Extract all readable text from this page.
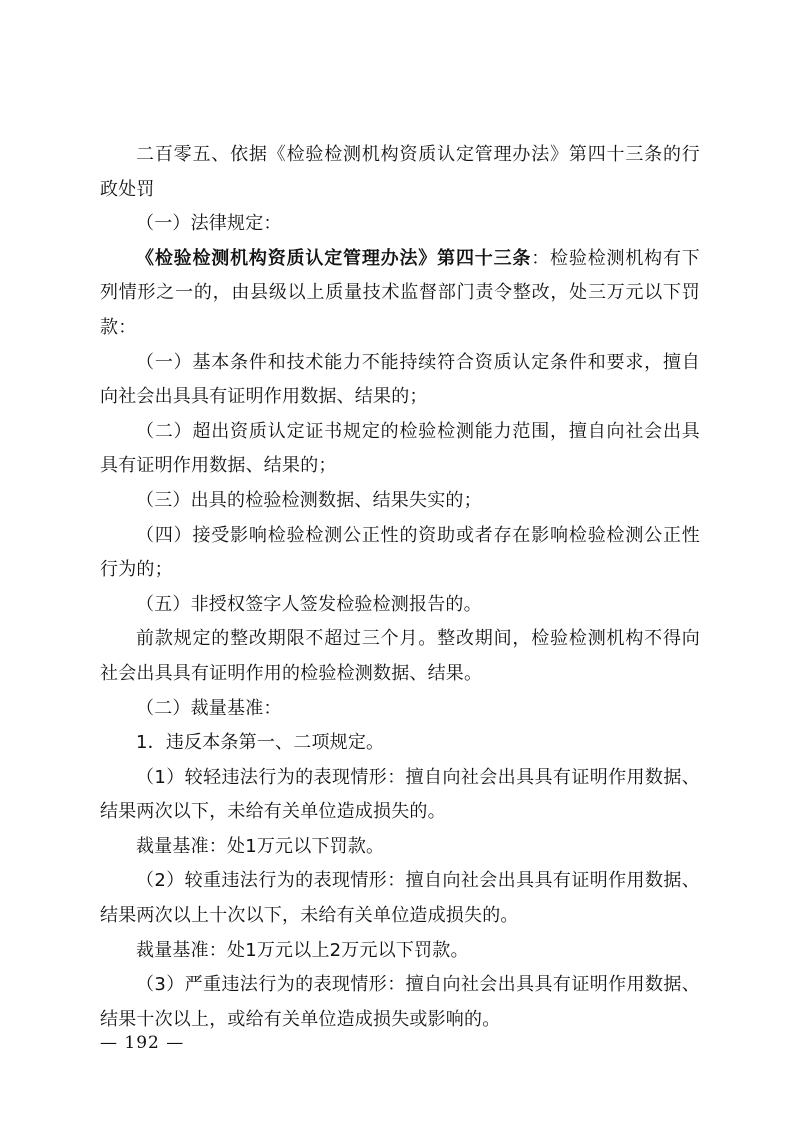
二百零五、依据《检验检测机构资质认定管理办法》第四十三条的行政处罚

（一）法律规定：

《检验检测机构资质认定管理办法》第四十三条：检验检测机构有下列情形之一的，由县级以上质量技术监督部门责令整改，处三万元以下罚款：

（一）基本条件和技术能力不能持续符合资质认定条件和要求，擅自向社会出具具有证明作用数据、结果的；

（二）超出资质认定证书规定的检验检测能力范围，擅自向社会出具具有证明作用数据、结果的；

（三）出具的检验检测数据、结果失实的；

（四）接受影响检验检测公正性的资助或者存在影响检验检测公正性行为的；

（五）非授权签字人签发检验检测报告的。

前款规定的整改期限不超过三个月。整改期间，检验检测机构不得向社会出具具有证明作用的检验检测数据、结果。

（二）裁量基准：

1．违反本条第一、二项规定。

（1）较轻违法行为的表现情形：擅自向社会出具具有证明作用数据、结果两次以下，未给有关单位造成损失的。

裁量基准：处1万元以下罚款。

（2）较重违法行为的表现情形：擅自向社会出具具有证明作用数据、结果两次以上十次以下，未给有关单位造成损失的。

裁量基准：处1万元以上2万元以下罚款。

（3）严重违法行为的表现情形：擅自向社会出具具有证明作用数据、结果十次以上，或给有关单位造成损失或影响的。

— 192 —
